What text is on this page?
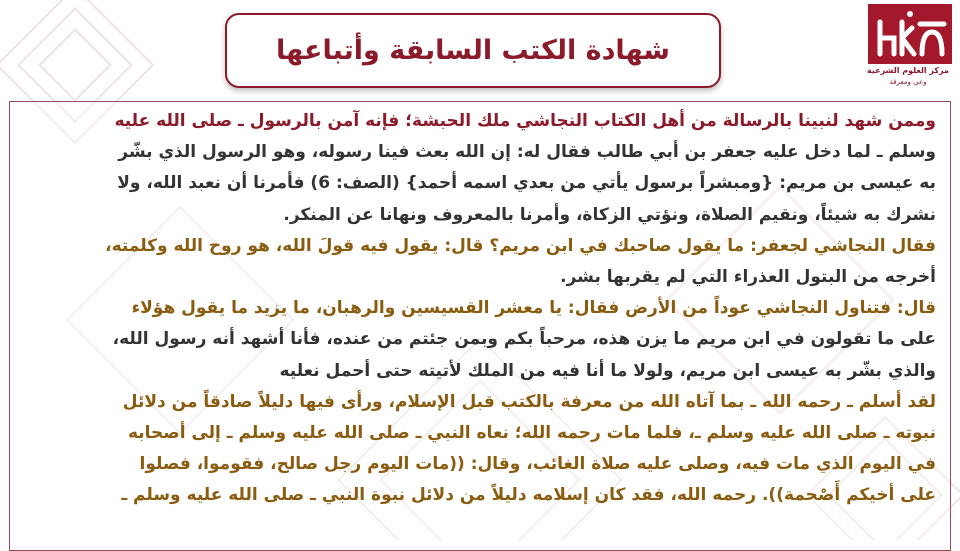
شهادة الكتب السابقة وأتباعها
مركز العلوم الشرعية
وعي ومعرفة
وممن شهد لنبينا بالرسالة من أهل الكتاب النجاشي ملك الحبشة؛ فإنه آمن بالرسول ـ صلى الله عليه
وسلم ـ لما دخل عليه جعفر بن أبي طالب فقال له: إن الله بعث فينا رسوله، وهو الرسول الذي بشّر
به عيسى بن مريم: {ومبشراً برسول يأتي من بعدي اسمه أحمد} (الصف: 6) فأمرنا أن نعبد الله، ولا
نشرك به شيئاً، ونقيم الصلاة، ونؤتي الزكاة، وأمرنا بالمعروف ونهانا عن المنكر.
فقال النجاشي لجعفر: ما يقول صاحبك في ابن مريم؟ قال: يقول فيه قولَ الله، هو روح الله وكلمته،
أخرجه من البتول العذراء التي لم يقربها بشر.
قال: فتناول النجاشي عوداً من الأرض فقال: يا معشر القسيسين والرهبان، ما يزيد ما يقول هؤلاء
على ما تقولون في ابن مريم ما يزن هذه، مرحباً بكم وبمن جئتم من عنده، فأنا أشهد أنه رسول الله،
والذي بشّر به عيسى ابن مريم، ولولا ما أنا فيه من الملك لأتيته حتى أحمل نعليه
لقد أسلم ـ رحمه الله ـ بما آتاه الله من معرفة بالكتب قبل الإسلام، ورأى فيها دليلاً صادقاً من دلائل
نبوته ـ صلى الله عليه وسلم ـ، فلما مات رحمه الله؛ نعاه النبي ـ صلى الله عليه وسلم ـ إلى أصحابه
في اليوم الذي مات فيه، وصلى عليه صلاة الغائب، وقال: ((مات اليوم رجل صالح، فقوموا، فصلوا
على أخيكم أَصْحمة)). رحمه الله، فقد كان إسلامه دليلاً من دلائل نبوة النبي ـ صلى الله عليه وسلم ـ
